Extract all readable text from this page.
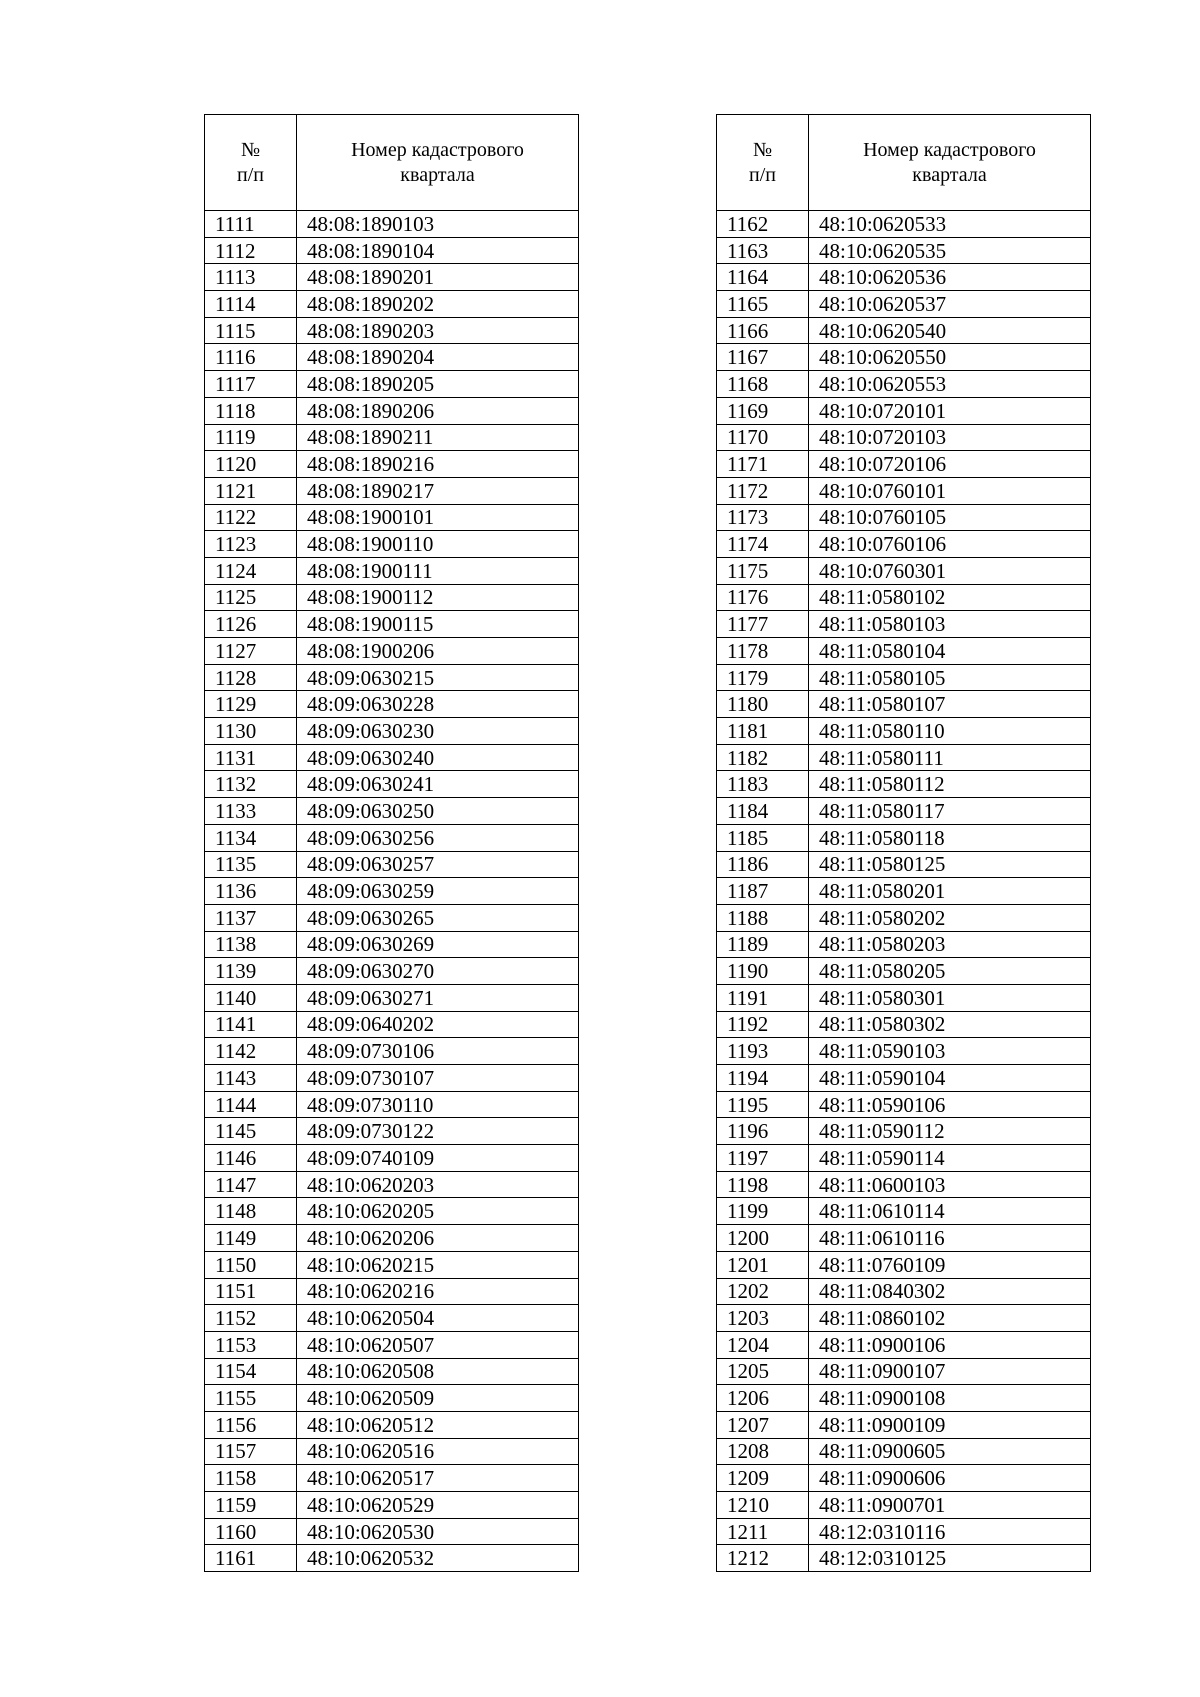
№
п/п	Номер кадастрового
квартала

1111	48:08:1890103
1112	48:08:1890104
1113	48:08:1890201
1114	48:08:1890202
1115	48:08:1890203
1116	48:08:1890204
1117	48:08:1890205
1118	48:08:1890206
1119	48:08:1890211
1120	48:08:1890216
1121	48:08:1890217
1122	48:08:1900101
1123	48:08:1900110
1124	48:08:1900111
1125	48:08:1900112
1126	48:08:1900115
1127	48:08:1900206
1128	48:09:0630215
1129	48:09:0630228
1130	48:09:0630230
1131	48:09:0630240
1132	48:09:0630241
1133	48:09:0630250
1134	48:09:0630256
1135	48:09:0630257
1136	48:09:0630259
1137	48:09:0630265
1138	48:09:0630269
1139	48:09:0630270
1140	48:09:0630271
1141	48:09:0640202
1142	48:09:0730106
1143	48:09:0730107
1144	48:09:0730110
1145	48:09:0730122
1146	48:09:0740109
1147	48:10:0620203
1148	48:10:0620205
1149	48:10:0620206
1150	48:10:0620215
1151	48:10:0620216
1152	48:10:0620504
1153	48:10:0620507
1154	48:10:0620508
1155	48:10:0620509
1156	48:10:0620512
1157	48:10:0620516
1158	48:10:0620517
1159	48:10:0620529
1160	48:10:0620530
1161	48:10:0620532
№
п/п	Номер кадастрового
квартала

1162	48:10:0620533
1163	48:10:0620535
1164	48:10:0620536
1165	48:10:0620537
1166	48:10:0620540
1167	48:10:0620550
1168	48:10:0620553
1169	48:10:0720101
1170	48:10:0720103
1171	48:10:0720106
1172	48:10:0760101
1173	48:10:0760105
1174	48:10:0760106
1175	48:10:0760301
1176	48:11:0580102
1177	48:11:0580103
1178	48:11:0580104
1179	48:11:0580105
1180	48:11:0580107
1181	48:11:0580110
1182	48:11:0580111
1183	48:11:0580112
1184	48:11:0580117
1185	48:11:0580118
1186	48:11:0580125
1187	48:11:0580201
1188	48:11:0580202
1189	48:11:0580203
1190	48:11:0580205
1191	48:11:0580301
1192	48:11:0580302
1193	48:11:0590103
1194	48:11:0590104
1195	48:11:0590106
1196	48:11:0590112
1197	48:11:0590114
1198	48:11:0600103
1199	48:11:0610114
1200	48:11:0610116
1201	48:11:0760109
1202	48:11:0840302
1203	48:11:0860102
1204	48:11:0900106
1205	48:11:0900107
1206	48:11:0900108
1207	48:11:0900109
1208	48:11:0900605
1209	48:11:0900606
1210	48:11:0900701
1211	48:12:0310116
1212	48:12:0310125
